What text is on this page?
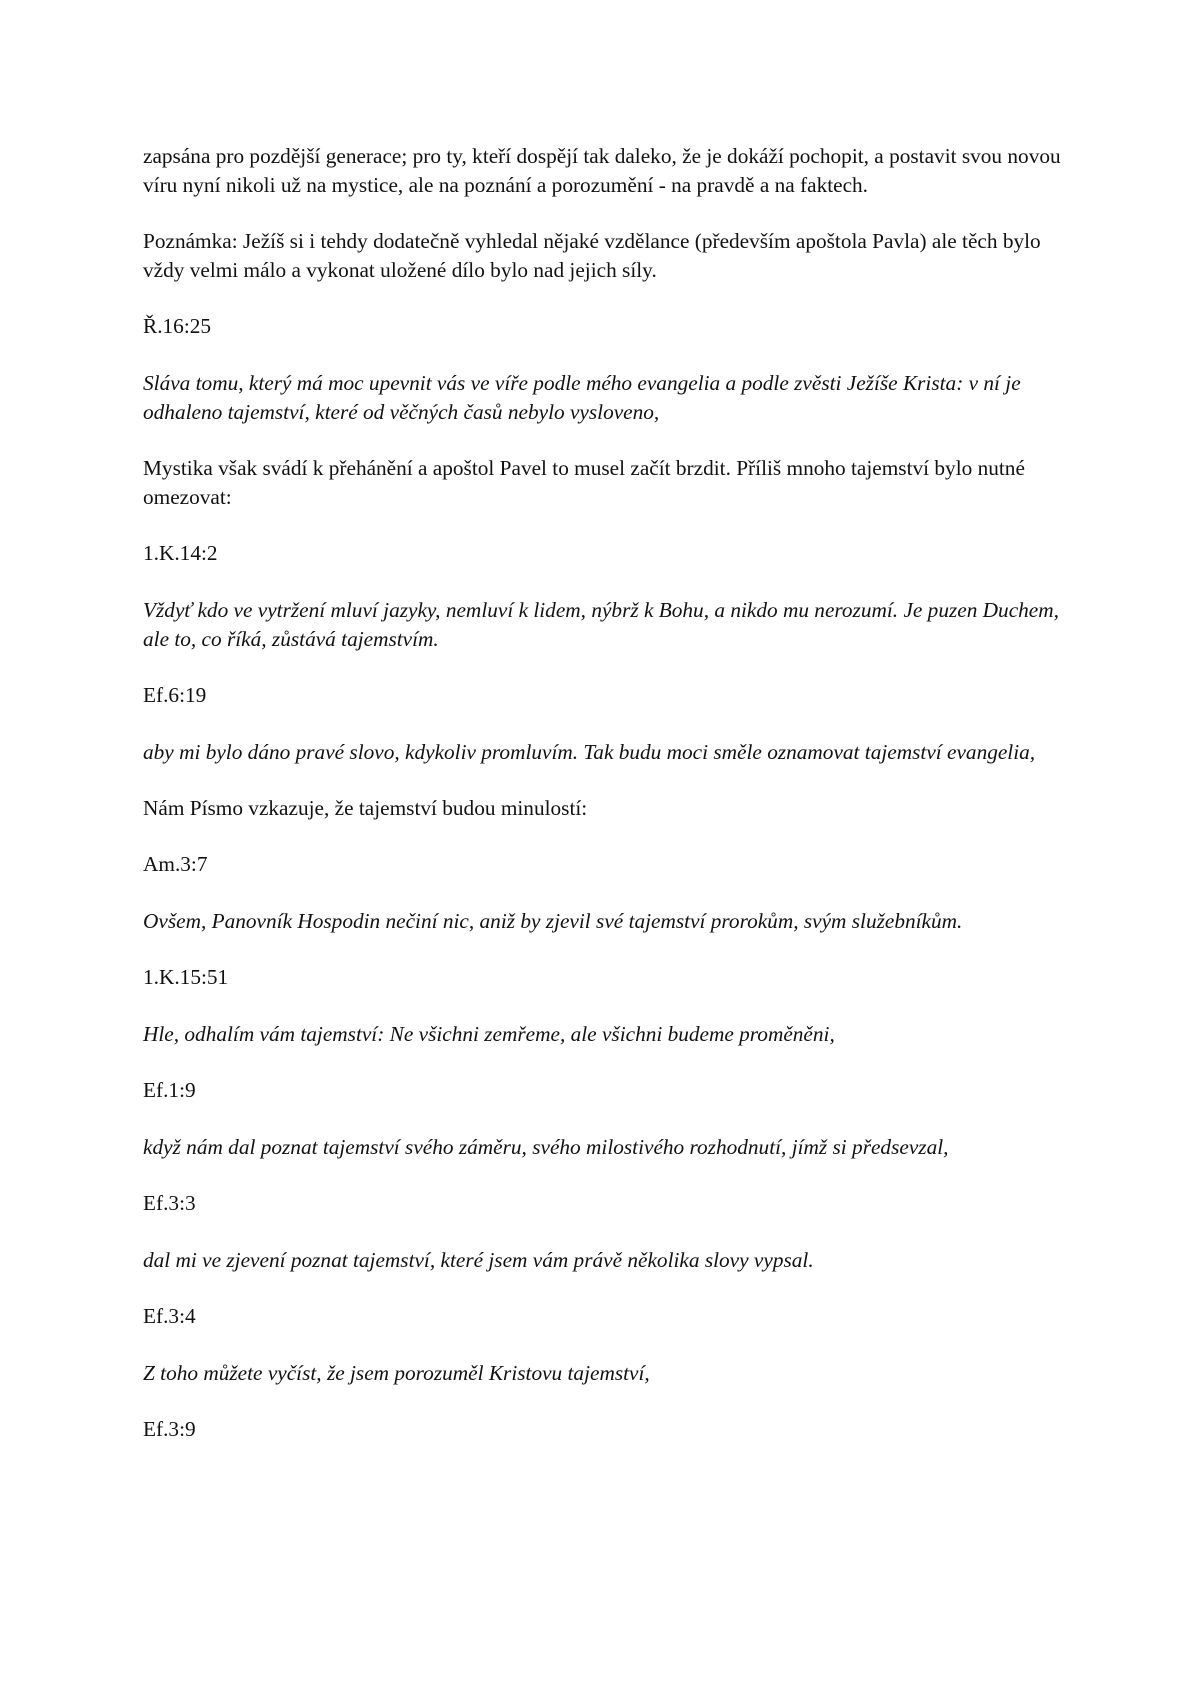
zapsána pro pozdější generace; pro ty, kteří dospějí tak daleko, že je dokáží pochopit, a postavit svou novou víru nyní nikoli už na mystice, ale na poznání a porozumění - na pravdě a na faktech.

Poznámka: Ježíš si i tehdy dodatečně vyhledal nějaké vzdělance (především apoštola Pavla) ale těch bylo vždy velmi málo a vykonat uložené dílo bylo nad jejich síly.

Ř.16:25

Sláva tomu, který má moc upevnit vás ve víře podle mého evangelia a podle zvěsti Ježíše Krista: v ní je odhaleno tajemství, které od věčných časů nebylo vysloveno,

Mystika však svádí k přehánění a apoštol Pavel to musel začít brzdit. Příliš mnoho tajemství bylo nutné omezovat:

1.K.14:2

Vždyť kdo ve vytržení mluví jazyky, nemluví k lidem, nýbrž k Bohu, a nikdo mu nerozumí. Je puzen Duchem, ale to, co říká, zůstává tajemstvím.

Ef.6:19

aby mi bylo dáno pravé slovo, kdykoliv promluvím. Tak budu moci směle oznamovat tajemství evangelia,

Nám Písmo vzkazuje, že tajemství budou minulostí:

Am.3:7

Ovšem, Panovník Hospodin nečiní nic, aniž by zjevil své tajemství prorokům, svým služebníkům.

1.K.15:51

Hle, odhalím vám tajemství: Ne všichni zemřeme, ale všichni budeme proměněni,

Ef.1:9

když nám dal poznat tajemství svého záměru, svého milostivého rozhodnutí, jímž si předsevzal,

Ef.3:3

dal mi ve zjevení poznat tajemství, které jsem vám právě několika slovy vypsal.

Ef.3:4

Z toho můžete vyčíst, že jsem porozuměl Kristovu tajemství,

Ef.3:9
